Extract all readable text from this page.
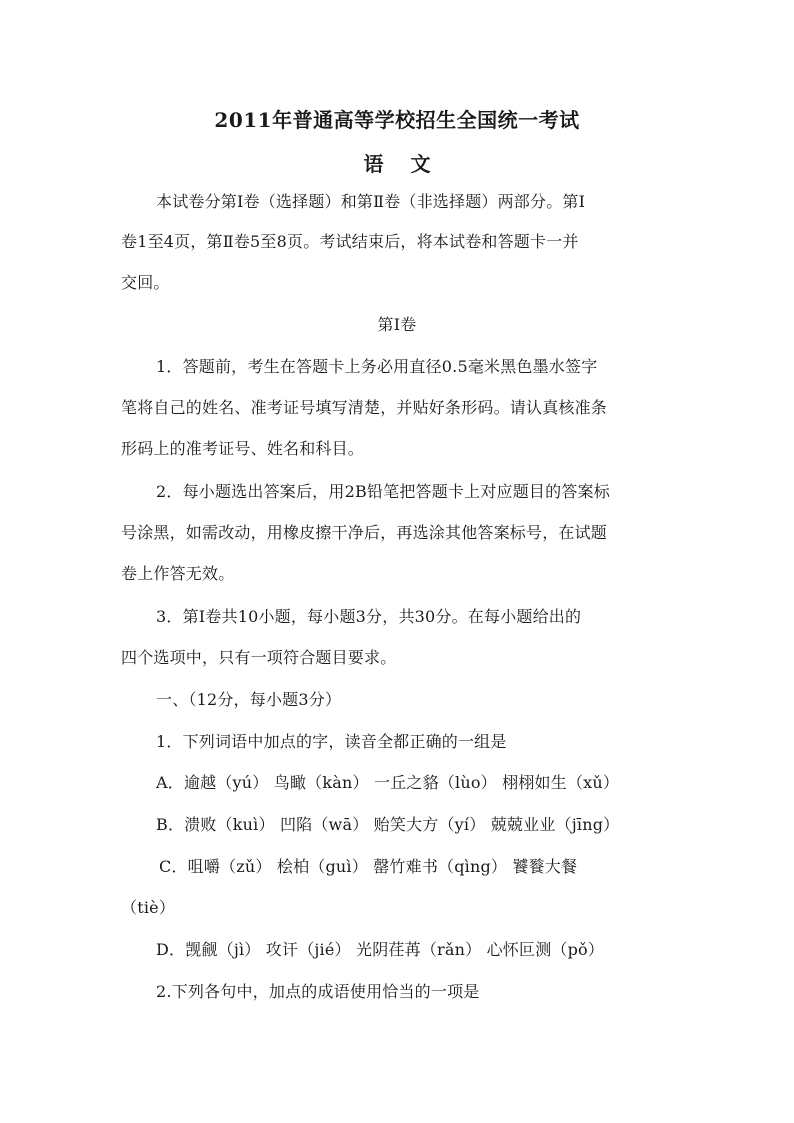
2011年普通高等学校招生全国统一考试
语 文
本试卷分第Ⅰ卷（选择题）和第Ⅱ卷（非选择题）两部分。第Ⅰ
卷1至4页，第Ⅱ卷5至8页。考试结束后，将本试卷和答题卡一并
交回。
第Ⅰ卷
1．答题前，考生在答题卡上务必用直径0.5毫米黑色墨水签字
笔将自己的姓名、准考证号填写清楚，并贴好条形码。请认真核准条
形码上的准考证号、姓名和科目。
2．每小题选出答案后，用2B铅笔把答题卡上对应题目的答案标
号涂黑，如需改动，用橡皮擦干净后，再选涂其他答案标号，在试题
卷上作答无效。
3．第Ⅰ卷共10小题，每小题3分，共30分。在每小题给出的
四个选项中，只有一项符合题目要求。
一、（12分，每小题3分）
1．下列词语中加点的字，读音全都正确的一组是
A．逾越（yú） 鸟瞰（kàn） 一丘之貉（lùo） 栩栩如生（xǔ）
B．溃败（kuì） 凹陷（wā） 贻笑大方（yí） 兢兢业业（jīng）
C．咀嚼（zǔ） 桧柏（guì） 罄竹难书（qìng） 饕餮大餐
（tiè）
D．觊觎（jì） 攻讦（jié） 光阴荏苒（rǎn） 心怀叵测（pǒ）
2.下列各句中，加点的成语使用恰当的一项是
